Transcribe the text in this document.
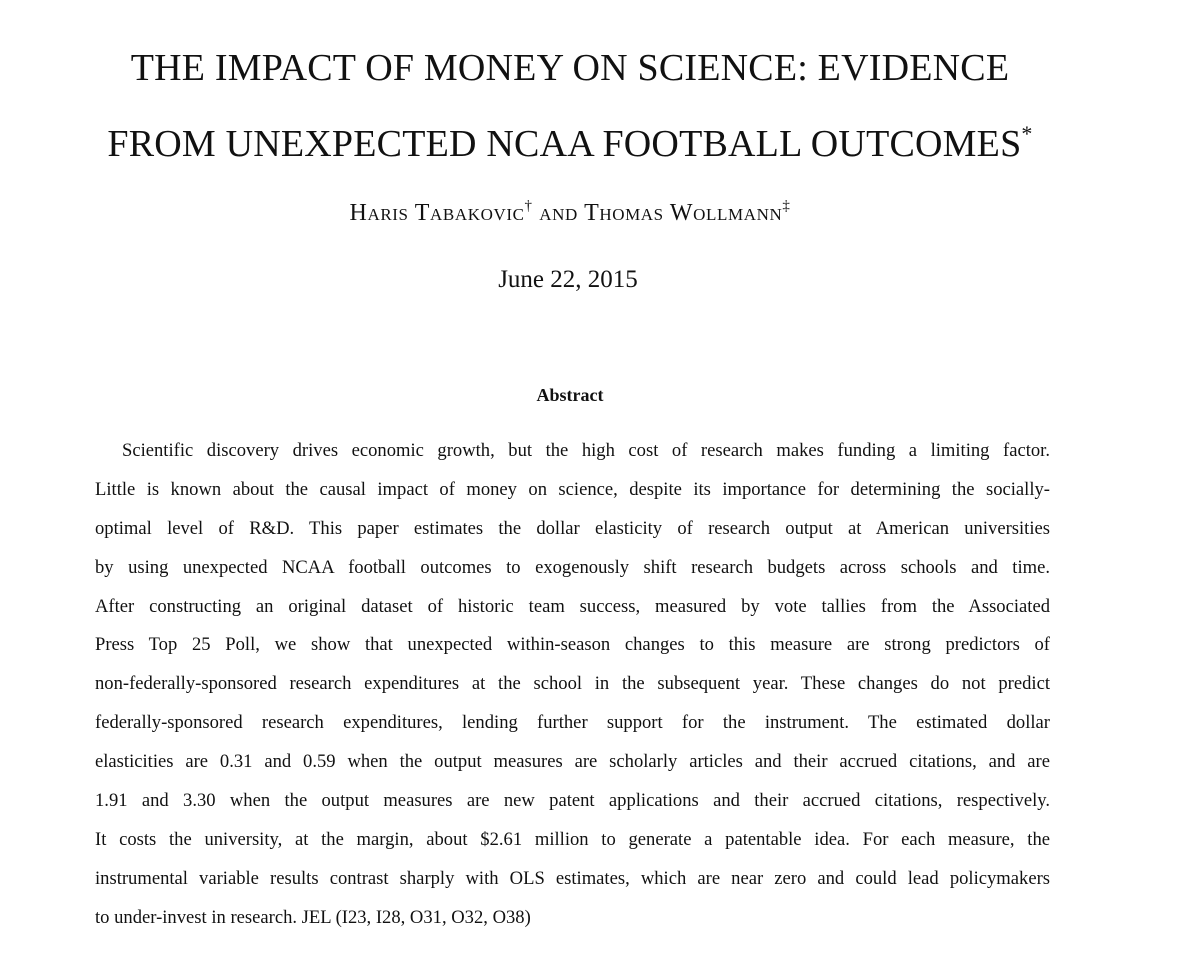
THE IMPACT OF MONEY ON SCIENCE: EVIDENCE
FROM UNEXPECTED NCAA FOOTBALL OUTCOMES*
Haris Tabakovic† and Thomas Wollmann‡
June 22, 2015
Abstract
Scientific discovery drives economic growth, but the high cost of research makes funding a limiting factor.
Little is known about the causal impact of money on science, despite its importance for determining the socially-
optimal level of R&D. This paper estimates the dollar elasticity of research output at American universities
by using unexpected NCAA football outcomes to exogenously shift research budgets across schools and time.
After constructing an original dataset of historic team success, measured by vote tallies from the Associated
Press Top 25 Poll, we show that unexpected within-season changes to this measure are strong predictors of
non-federally-sponsored research expenditures at the school in the subsequent year. These changes do not predict
federally-sponsored research expenditures, lending further support for the instrument. The estimated dollar
elasticities are 0.31 and 0.59 when the output measures are scholarly articles and their accrued citations, and are
1.91 and 3.30 when the output measures are new patent applications and their accrued citations, respectively.
It costs the university, at the margin, about $2.61 million to generate a patentable idea. For each measure, the
instrumental variable results contrast sharply with OLS estimates, which are near zero and could lead policymakers
to under-invest in research. JEL (I23, I28, O31, O32, O38)
